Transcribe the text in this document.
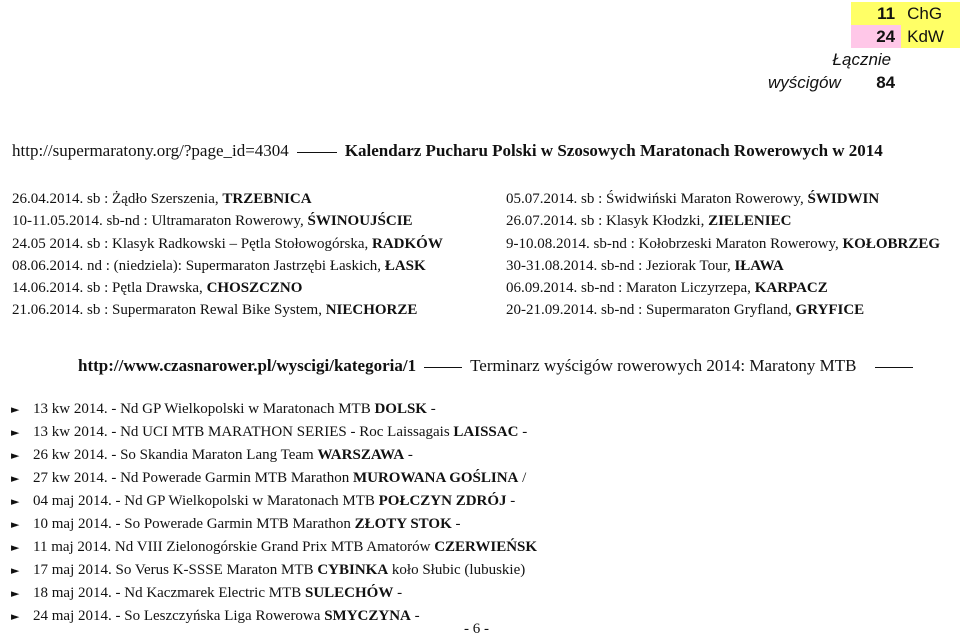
	11	ChG
	24	KdW
Łącznie		
wyścigów	84	
http://supermaratony.org/?page_id=4304	Kalendarz Pucharu Polski w Szosowych Maratonach Rowerowych w 2014
26.04.2014. sb : Żądło Szerszenia, TRZEBNICA
10-11.05.2014. sb-nd : Ultramaraton Rowerowy, ŚWINOUJŚCIE
24.05 2014. sb : Klasyk Radkowski – Pętla Stołowogórska, RADKÓW
08.06.2014. nd : (niedziela): Supermaraton Jastrzębi Łaskich, ŁASK
14.06.2014. sb : Pętla Drawska, CHOSZCZNO
21.06.2014. sb : Supermaraton Rewal Bike System, NIECHORZE
05.07.2014. sb : Świdwiński Maraton Rowerowy, ŚWIDWIN
26.07.2014. sb : Klasyk Kłodzki, ZIELENIEC
9-10.08.2014. sb-nd : Kołobrzeski Maraton Rowerowy, KOŁOBRZEG
30-31.08.2014. sb-nd : Jeziorak Tour, IŁAWA
06.09.2014. sb-nd : Maraton Liczyrzepa, KARPACZ
20-21.09.2014. sb-nd : Supermaraton Gryfland, GRYFICE
http://www.czasnarower.pl/wyscigi/kategoria/1	Terminarz wyścigów rowerowych 2014: Maratony MTB
► 13 kw 2014. - Nd GP Wielkopolski w Maratonach MTB DOLSK -
► 13 kw 2014. - Nd UCI MTB MARATHON SERIES - Roc Laissagais LAISSAC -
► 26 kw 2014. - So Skandia Maraton Lang Team WARSZAWA -
► 27 kw 2014. - Nd Powerade Garmin MTB Marathon MUROWANA GOŚLINA /
► 04 maj 2014. - Nd GP Wielkopolski w Maratonach MTB POŁCZYN ZDRÓJ -
► 10 maj 2014. - So Powerade Garmin MTB Marathon ZŁOTY STOK -
► 11 maj 2014. Nd VIII Zielonogórskie Grand Prix MTB Amatorów CZERWIEŃSK
► 17 maj 2014. So Verus K-SSSE Maraton MTB CYBINKA koło Słubic (lubuskie)
► 18 maj 2014. - Nd Kaczmarek Electric MTB SULECHÓW -
► 24 maj 2014. - So Leszczyńska Liga Rowerowa SMYCZYNA -
- 6 -
